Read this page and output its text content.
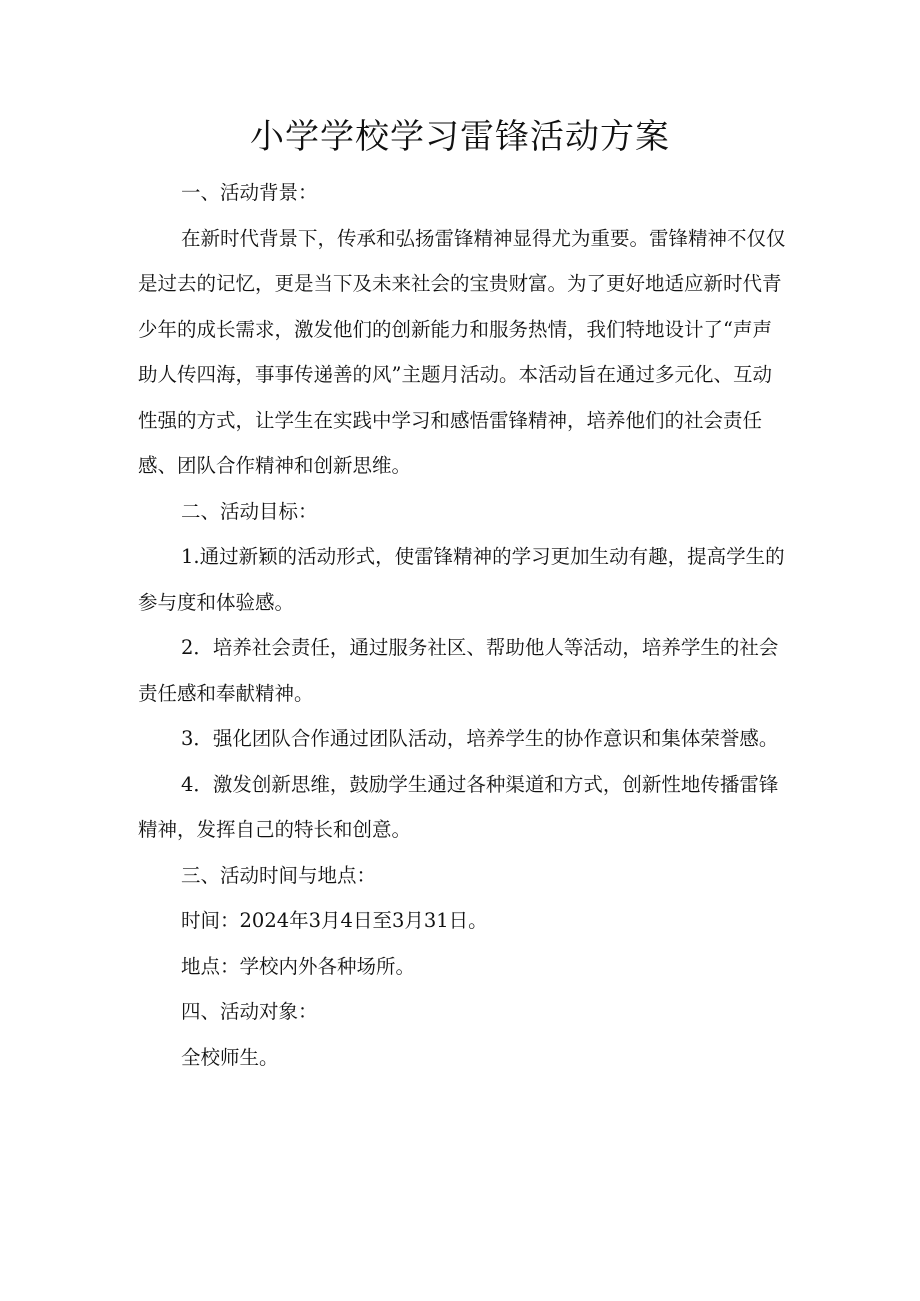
小学学校学习雷锋活动方案

一、活动背景：

在新时代背景下，传承和弘扬雷锋精神显得尤为重要。雷锋精神不仅仅是过去的记忆，更是当下及未来社会的宝贵财富。为了更好地适应新时代青少年的成长需求，激发他们的创新能力和服务热情，我们特地设计了“声声助人传四海，事事传递善的风”主题月活动。本活动旨在通过多元化、互动性强的方式，让学生在实践中学习和感悟雷锋精神，培养他们的社会责任感、团队合作精神和创新思维。

二、活动目标：

1.通过新颖的活动形式，使雷锋精神的学习更加生动有趣，提高学生的参与度和体验感。

2．培养社会责任，通过服务社区、帮助他人等活动，培养学生的社会责任感和奉献精神。

3．强化团队合作通过团队活动，培养学生的协作意识和集体荣誉感。

4．激发创新思维，鼓励学生通过各种渠道和方式，创新性地传播雷锋精神，发挥自己的特长和创意。

三、活动时间与地点：

时间：2024年3月4日至3月31日。

地点：学校内外各种场所。

四、活动对象：

全校师生。
